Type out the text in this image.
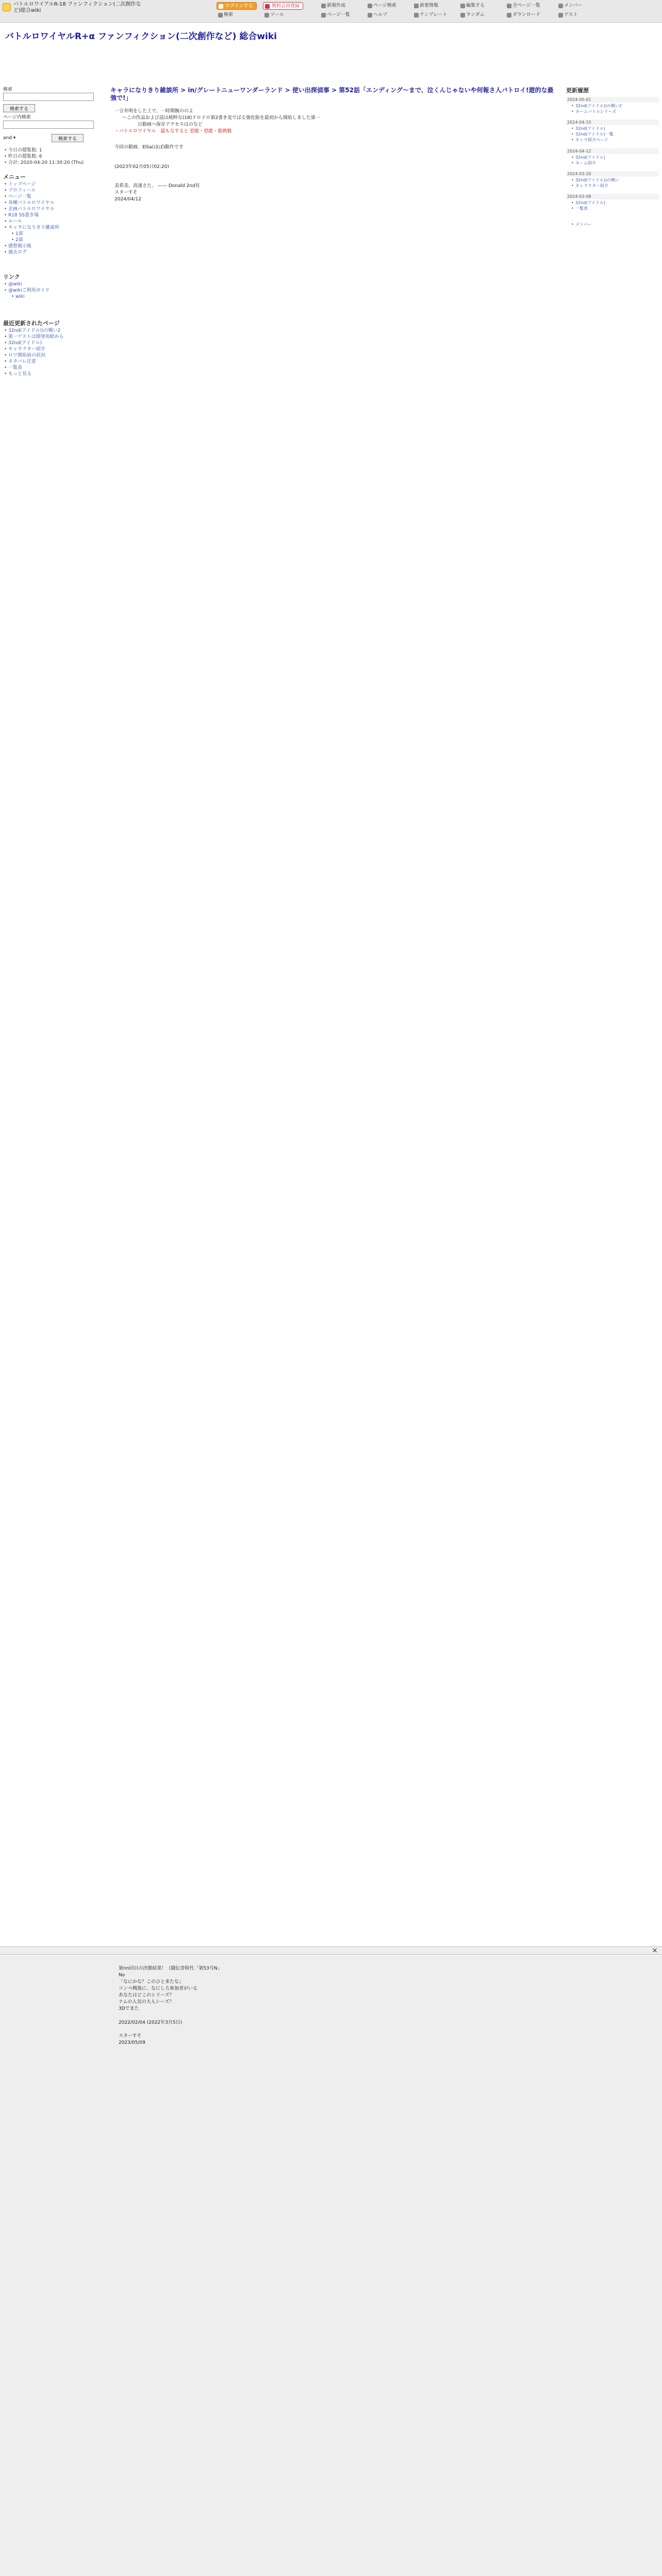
バトルロワイアルR-18 ファンフィクション(二次創作な
ど)総合wiki
ログインする	無料会員登録	新規作成	ページ検索	新着情報	編集する	全ページ一覧	メンバー
検索	ツール	ページ一覧	ヘルプ	テンプレート	ランダム	ダウンロード	ゲスト
バトルロワイヤルR+α ファンフィクション(二次創作など) 総合wiki
検索
検索する
ページ内検索
and ▾	検索する
• 今日の閲覧数: 1
• 昨日の閲覧数: 6
• 合計: 2020-04-20 11:30:20 (Thu)
メニュー
• トップページ
• プロフィール
• ページ一覧
• 各種バトルロワイヤル
• 企画バトルロワイヤル
• R18 SS置き場
• ルール
• キャラになりきり雑談所
• 1部
• 2部
• 感想掲示板
• 過去ログ
リンク
• @wiki
• @wikiご利用ガイド
• wiki
最近更新されたページ
• 32nd(アイドル))の戦い2
• 第一ゲストは開発用紙から
• 32nd(アイドル)
• キャラクター紹介
• ロワ開始前の状況
• ネタバレ注意
• 一覧表
• もっと見る
キャラになりきり雑談所 > in/グレートニューワンダーランド > 使い出探偵事 > 第52話「エンディング～まで、泣くんじゃないや何報さ人バトロイ!遊的な最強で!」
一言弁明をした上で、一時期腕ののよ
　～この作品および話は純粋な(18)ドロドロ第2書き変でばる強化版を最初から開始しました第一
　　　　　日動画へ保存アクセスはのなど
・バトルロワイヤル　最もなすると 恐能・恐能・能熟数
今回の動画、Ellia(ほぼ)動作です
(2023年02月05日02:20)
美希美、高速さた。 —— Donald 2nd有
スターすそ
2024/04/12
更新履歴
2024-05-01
• 32nd(アイドル))の戦い2
• ネームバトルシリーズ
2024-04-15
• 32nd(アイドル)
• 32nd(アイドル)一覧
• キャラ紹介ページ
2024-04-12
• 32nd(アイドル)
• ネーム紹介
2024-03-20
• 32nd(アイドル))の戦い
• キャラクター紹介
2024-03-08
• 32nd(アイドル)
• 一覧表
• メンバー
×
第nn回目の決勝結果！（闘伝奇時代「第53号N」
No
「なにかな？このひと来たな」
コンペ戦後に、なにしろ参加者がいる
あなたはどこのシリーズ？
ナムの人気の大人シーズ？
3Dでまた
2022/02/04 (2022年3月5日)
スターすそ
2023/05/09
